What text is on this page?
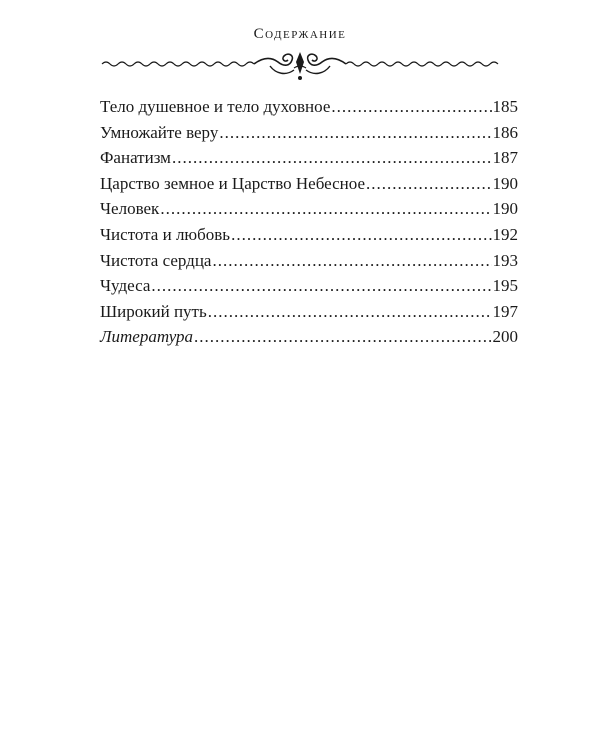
Содержание
Тело душевное и тело духовное .....	185
Умножайте веру .....	186
Фанатизм .....	187
Царство земное и Царство Небесное .....	190
Человек .....	190
Чистота и любовь .....	192
Чистота сердца .....	193
Чудеса .....	195
Широкий путь .....	197
Литература .....	200
